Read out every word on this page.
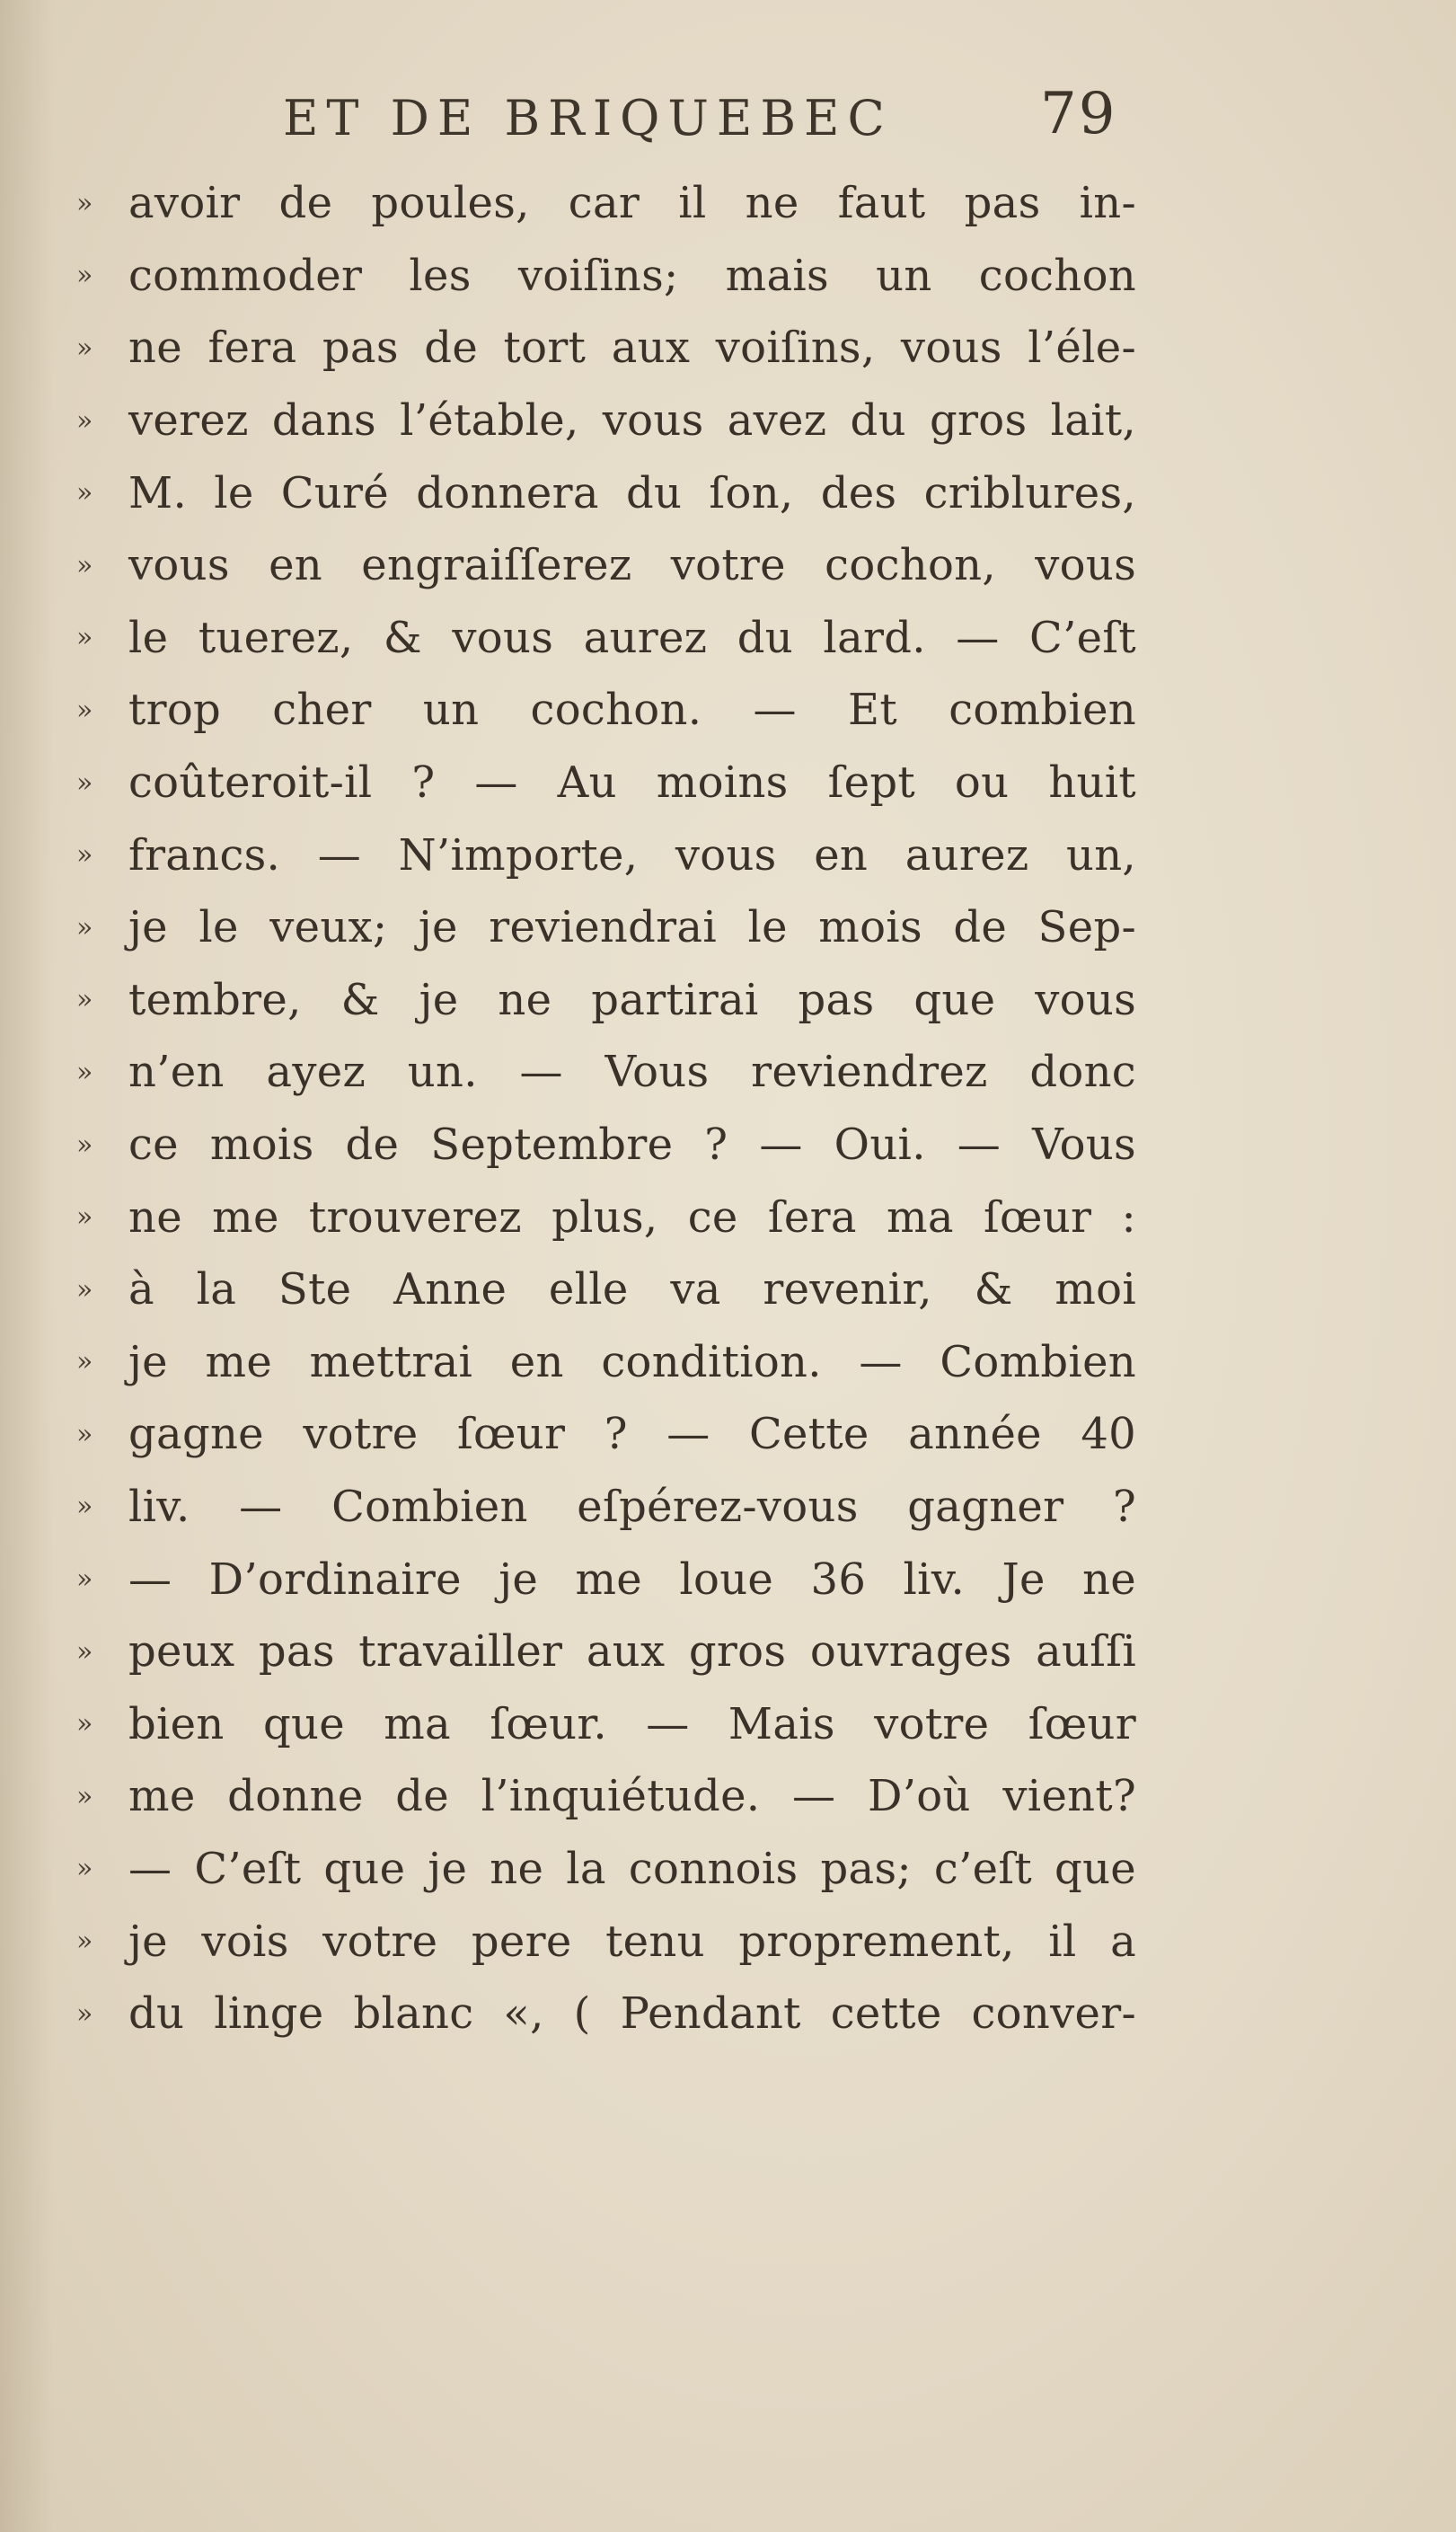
ET DE BRIQUEBEC	79
» avoir de poules, car il ne faut pas in-
» commoder les voiſins; mais un cochon
» ne fera pas de tort aux voiſins, vous l’éle-
» verez dans l’étable, vous avez du gros lait,
» M. le Curé donnera du ſon, des criblures,
» vous en engraiſſerez votre cochon, vous
» le tuerez, & vous aurez du lard. — C’eſt
» trop cher un cochon. — Et combien
» coûteroit-il ? — Au moins ſept ou huit
» francs. — N’importe, vous en aurez un,
» je le veux; je reviendrai le mois de Sep-
» tembre, & je ne partirai pas que vous
» n’en ayez un. — Vous reviendrez donc
» ce mois de Septembre ? — Oui. — Vous
» ne me trouverez plus, ce ſera ma ſœur :
» à la Ste Anne elle va revenir, & moi
» je me mettrai en condition. — Combien
» gagne votre ſœur ? — Cette année 40
» liv. — Combien eſpérez-vous gagner ?
» — D’ordinaire je me loue 36 liv. Je ne
» peux pas travailler aux gros ouvrages auſſi
» bien que ma ſœur. — Mais votre ſœur
» me donne de l’inquiétude. — D’où vient?
» — C’eſt que je ne la connois pas; c’eſt que
» je vois votre pere tenu proprement, il a
» du linge blanc «, ( Pendant cette conver-
